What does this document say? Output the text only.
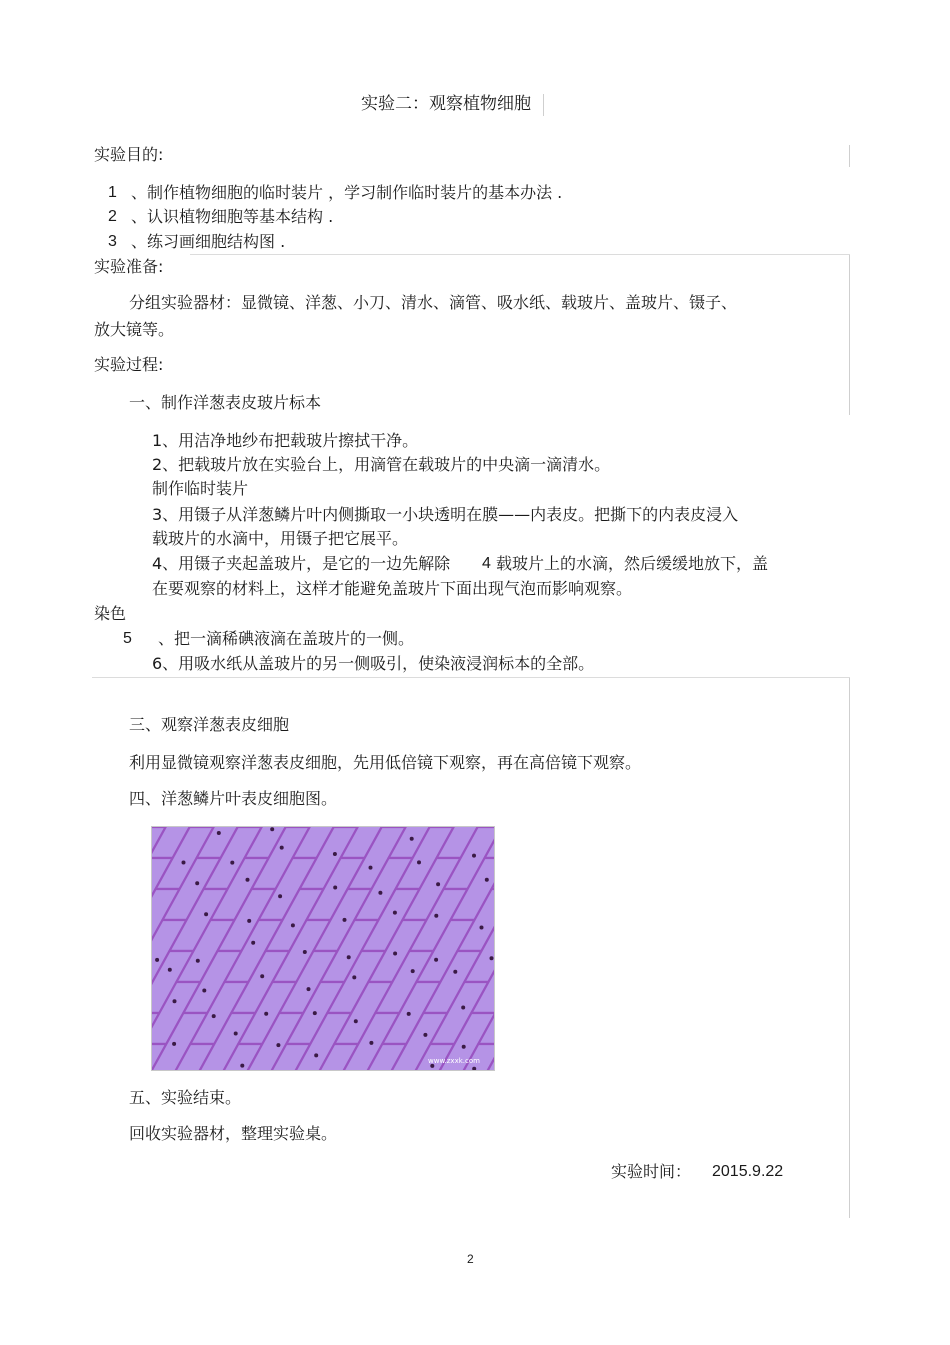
实验二：观察植物细胞
实验目的:
1 、制作植物细胞的临时装片 ，学习制作临时装片的基本办法 .
2 、认识植物细胞等基本结构 .
3 、练习画细胞结构图 .
实验准备:
分组实验器材：显微镜、洋葱、小刀、清水、滴管、吸水纸、载玻片、盖玻片、镊子、
放大镜等。
实验过程:
一、制作洋葱表皮玻片标本
1、用洁净地纱布把载玻片擦拭干净。
2、把载玻片放在实验台上，用滴管在载玻片的中央滴一滴清水。
制作临时装片
3、用镊子从洋葱鳞片叶内侧撕取一小块透明在膜——内表皮。把撕下的内表皮浸入
载玻片的水滴中，用镊子把它展平。
4、用镊子夹起盖玻片，是它的一边先解除 4 载玻片上的水滴，然后缓缓地放下，盖
在要观察的材料上，这样才能避免盖玻片下面出现气泡而影响观察。
染色
5 、把一滴稀碘液滴在盖玻片的一侧。
6、用吸水纸从盖玻片的另一侧吸引，使染液浸润标本的全部。
三、观察洋葱表皮细胞
利用显微镜观察洋葱表皮细胞，先用低倍镜下观察，再在高倍镜下观察。
四、洋葱鳞片叶表皮细胞图。
www.zxxk.com
五、实验结束。
回收实验器材，整理实验桌。
实验时间： 2015.9.22
2
